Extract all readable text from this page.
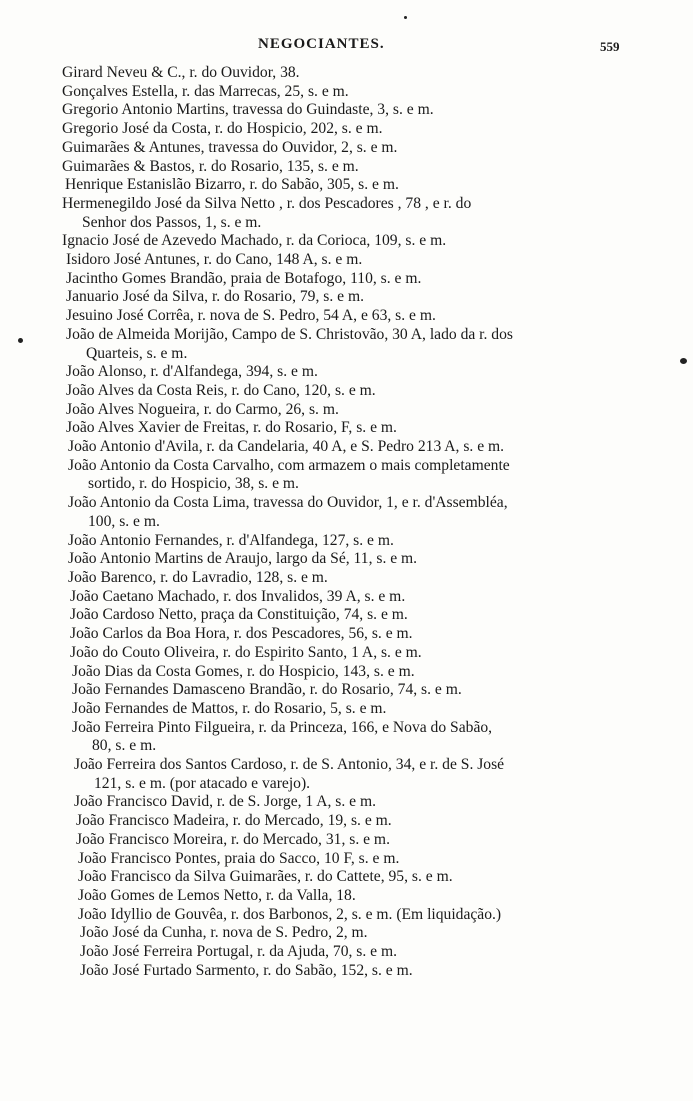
NEGOCIANTES.	559
Girard Neveu & C., r. do Ouvidor, 38.
Gonçalves Estella, r. das Marrecas, 25, s. e m.
Gregorio Antonio Martins, travessa do Guindaste, 3, s. e m.
Gregorio José da Costa, r. do Hospicio, 202, s. e m.
Guimarães & Antunes, travessa do Ouvidor, 2, s. e m.
Guimarães & Bastos, r. do Rosario, 135, s. e m.
Henrique Estanislão Bizarro, r. do Sabão, 305, s. e m.
Hermenegildo José da Silva Netto , r. dos Pescadores , 78 , e r. do
Senhor dos Passos, 1, s. e m.
Ignacio José de Azevedo Machado, r. da Corioca, 109, s. e m.
Isidoro José Antunes, r. do Cano, 148 A, s. e m.
Jacintho Gomes Brandão, praia de Botafogo, 110, s. e m.
Januario José da Silva, r. do Rosario, 79, s. e m.
Jesuino José Corrêa, r. nova de S. Pedro, 54 A, e 63, s. e m.
João de Almeida Morijão, Campo de S. Christovão, 30 A, lado da r. dos
Quarteis, s. e m.
João Alonso, r. d'Alfandega, 394, s. e m.
João Alves da Costa Reis, r. do Cano, 120, s. e m.
João Alves Nogueira, r. do Carmo, 26, s. m.
João Alves Xavier de Freitas, r. do Rosario, F, s. e m.
João Antonio d'Avila, r. da Candelaria, 40 A, e S. Pedro 213 A, s. e m.
João Antonio da Costa Carvalho, com armazem o mais completamente
sortido, r. do Hospicio, 38, s. e m.
João Antonio da Costa Lima, travessa do Ouvidor, 1, e r. d'Assembléa,
100, s. e m.
João Antonio Fernandes, r. d'Alfandega, 127, s. e m.
João Antonio Martins de Araujo, largo da Sé, 11, s. e m.
João Barenco, r. do Lavradio, 128, s. e m.
João Caetano Machado, r. dos Invalidos, 39 A, s. e m.
João Cardoso Netto, praça da Constituição, 74, s. e m.
João Carlos da Boa Hora, r. dos Pescadores, 56, s. e m.
João do Couto Oliveira, r. do Espirito Santo, 1 A, s. e m.
João Dias da Costa Gomes, r. do Hospicio, 143, s. e m.
João Fernandes Damasceno Brandão, r. do Rosario, 74, s. e m.
João Fernandes de Mattos, r. do Rosario, 5, s. e m.
João Ferreira Pinto Filgueira, r. da Princeza, 166, e Nova do Sabão,
80, s. e m.
João Ferreira dos Santos Cardoso, r. de S. Antonio, 34, e r. de S. José
121, s. e m. (por atacado e varejo).
João Francisco David, r. de S. Jorge, 1 A, s. e m.
João Francisco Madeira, r. do Mercado, 19, s. e m.
João Francisco Moreira, r. do Mercado, 31, s. e m.
João Francisco Pontes, praia do Sacco, 10 F, s. e m.
João Francisco da Silva Guimarães, r. do Cattete, 95, s. e m.
João Gomes de Lemos Netto, r. da Valla, 18.
João Idyllio de Gouvêa, r. dos Barbonos, 2, s. e m. (Em liquidação.)
João José da Cunha, r. nova de S. Pedro, 2, m.
João José Ferreira Portugal, r. da Ajuda, 70, s. e m.
João José Furtado Sarmento, r. do Sabão, 152, s. e m.
